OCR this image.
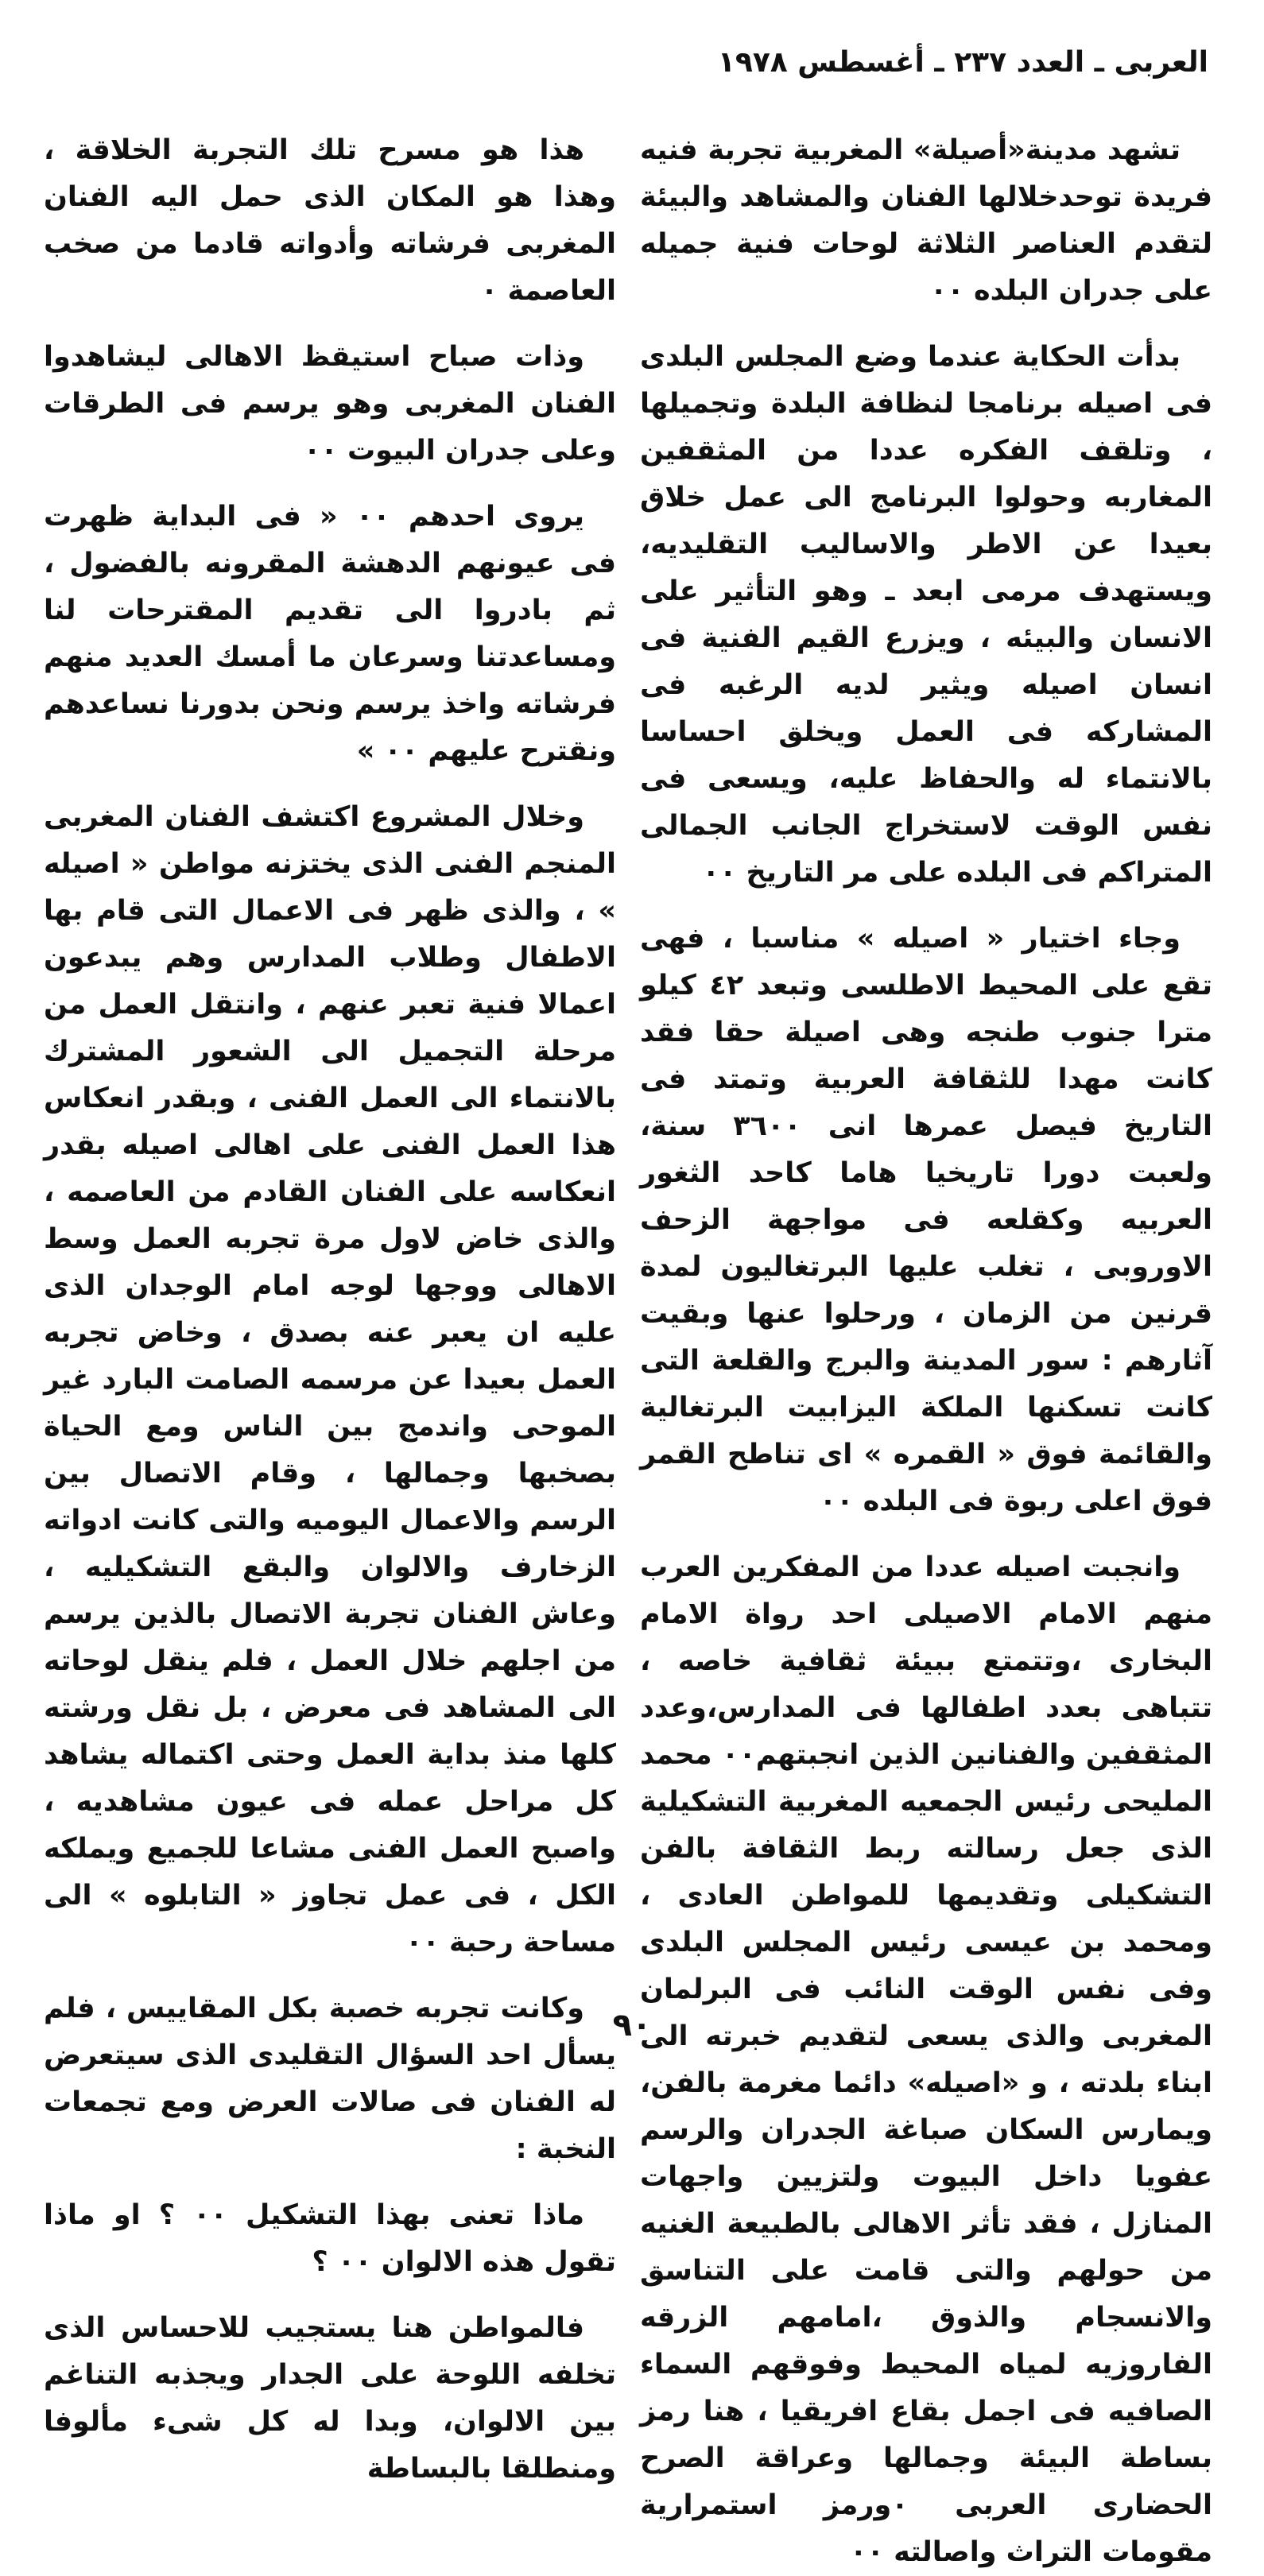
العربى ـ العدد ٢٣٧ ـ أغسطس ١٩٧٨

تشهد مدينة«أصيلة» المغربية تجربة فنيه فريدة توحدخلالها الفنان والمشاهد والبيئة لتقدم العناصر الثلاثة لوحات فنية جميله على جدران البلده ٠٠

بدأت الحكاية عندما وضع المجلس البلدى فى اصيله برنامجا لنظافة البلدة وتجميلها ، وتلقف الفكره عددا من المثقفين المغاربه وحولوا البرنامج الى عمل خلاق بعيدا عن الاطر والاساليب التقليديه، ويستهدف مرمى ابعد ـ وهو التأثير على الانسان والبيئه ، ويزرع القيم الفنية فى انسان اصيله ويثير لديه الرغبه فى المشاركه فى العمل ويخلق احساسا بالانتماء له والحفاظ عليه، ويسعى فى نفس الوقت لاستخراج الجانب الجمالى المتراكم فى البلده على مر التاريخ ٠٠

وجاء اختيار « اصيله » مناسبا ، فهى تقع على المحيط الاطلسى وتبعد ٤٢ كيلو مترا جنوب طنجه وهى اصيلة حقا فقد كانت مهدا للثقافة العربية وتمتد فى التاريخ فيصل عمرها انى ٣٦٠٠ سنة، ولعبت دورا تاريخيا هاما كاحد الثغور العربيه وكقلعه فى مواجهة الزحف الاوروبى ، تغلب عليها البرتغاليون لمدة قرنين من الزمان ، ورحلوا عنها وبقيت آثارهم : سور المدينة والبرج والقلعة التى كانت تسكنها الملكة اليزابيت البرتغالية والقائمة فوق « القمره » اى تناطح القمر فوق اعلى ربوة فى البلده ٠٠

وانجبت اصيله عددا من المفكرين العرب منهم الامام الاصيلى احد رواة الامام البخارى ،وتتمتع ببيئة ثقافية خاصه ، تتباهى بعدد اطفالها فى المدارس،وعدد المثقفين والفنانين الذين انجبتهم٠٠ محمد المليحى رئيس الجمعيه المغربية التشكيلية الذى جعل رسالته ربط الثقافة بالفن التشكيلى وتقديمها للمواطن العادى ، ومحمد بن عيسى رئيس المجلس البلدى وفى نفس الوقت النائب فى البرلمان المغربى والذى يسعى لتقديم خبرته الى ابناء بلدته ، و «اصيله» دائما مغرمة بالفن، ويمارس السكان صباغة الجدران والرسم عفويا داخل البيوت ولتزيين واجهات المنازل ، فقد تأثر الاهالى بالطبيعة الغنيه من حولهم والتى قامت على التناسق والانسجام والذوق ،امامهم الزرقه الفاروزيه لمياه المحيط وفوقهم السماء الصافيه فى اجمل بقاع افريقيا ، هنا رمز بساطة البيئة وجمالها وعراقة الصرح الحضارى العربى ٠ورمز استمرارية مقومات التراث واصالته ٠٠

هذا هو مسرح تلك التجربة الخلاقة ، وهذا هو المكان الذى حمل اليه الفنان المغربى فرشاته وأدواته قادما من صخب العاصمة ٠

وذات صباح استيقظ الاهالى ليشاهدوا الفنان المغربى وهو يرسم فى الطرقات وعلى جدران البيوت ٠٠

يروى احدهم ٠٠ « فى البداية ظهرت فى عيونهم الدهشة المقرونه بالفضول ، ثم بادروا الى تقديم المقترحات لنا ومساعدتنا وسرعان ما أمسك العديد منهم فرشاته واخذ يرسم ونحن بدورنا نساعدهم ونقترح عليهم ٠٠ »

وخلال المشروع اكتشف الفنان المغربى المنجم الفنى الذى يختزنه مواطن « اصيله » ، والذى ظهر فى الاعمال التى قام بها الاطفال وطلاب المدارس وهم يبدعون اعمالا فنية تعبر عنهم ، وانتقل العمل من مرحلة التجميل الى الشعور المشترك بالانتماء الى العمل الفنى ، وبقدر انعكاس هذا العمل الفنى على اهالى اصيله بقدر انعكاسه على الفنان القادم من العاصمه ، والذى خاض لاول مرة تجربه العمل وسط الاهالى ووجها لوجه امام الوجدان الذى عليه ان يعبر عنه بصدق ، وخاض تجربه العمل بعيدا عن مرسمه الصامت البارد غير الموحى واندمج بين الناس ومع الحياة بصخبها وجمالها ، وقام الاتصال بين الرسم والاعمال اليوميه والتى كانت ادواته الزخارف والالوان والبقع التشكيليه ، وعاش الفنان تجربة الاتصال بالذين يرسم من اجلهم خلال العمل ، فلم ينقل لوحاته الى المشاهد فى معرض ، بل نقل ورشته كلها منذ بداية العمل وحتى اكتماله يشاهد كل مراحل عمله فى عيون مشاهديه ، واصبح العمل الفنى مشاعا للجميع ويملكه الكل ، فى عمل تجاوز « التابلوه » الى مساحة رحبة ٠٠

وكانت تجربه خصبة بكل المقاييس ، فلم يسأل احد السؤال التقليدى الذى سيتعرض له الفنان فى صالات العرض ومع تجمعات النخبة :

ماذا تعنى بهذا التشكيل ٠٠ ؟ او ماذا تقول هذه الالوان ٠٠ ؟

فالمواطن هنا يستجيب للاحساس الذى تخلفه اللوحة على الجدار ويجذبه التناغم بين الالوان، وبدا له كل شىء مألوفا ومنطلقا بالبساطة

٩٠
